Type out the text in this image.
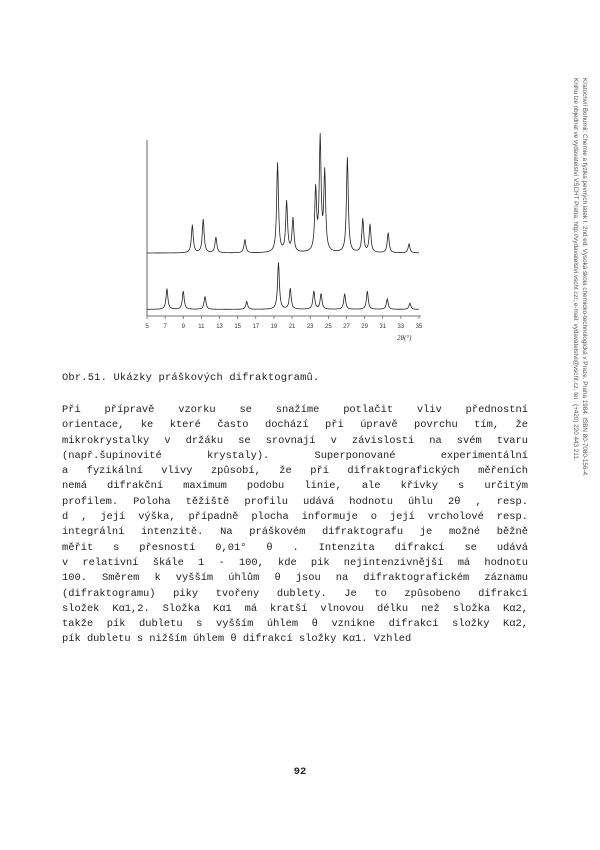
5 7 9 11 13 15 17 19 21 23 25 27 29 31 33 35
2θ(°)
Obr.51. Ukázky práškových difraktogramů.
Při přípravě vzorku se snažíme potlačit vliv přednostní
orientace, ke které často dochází při úpravě povrchu tím, že
mikrokrystalky v držáku se srovnají v závislosti na svém tvaru
(např.šupinovité krystaly). Superponované experimentální
a fyzikální vlivy způsobí, že při difraktografických měřeních
nemá difrakční maximum podobu linie, ale křivky s určitým
profilem. Poloha těžiště profilu udává hodnotu úhlu 2θ , resp.
d , její výška, případně plocha informuje o její vrcholové resp.
integrální intenzitě. Na práškovém difraktografu je možné běžně
měřit s přesností 0,01° θ . Intenzita difrakcí se udává
v relativní škále 1 - 100, kde pik nejintenzivnější má hodnotu
100. Směrem k vyšším úhlům θ jsou na difraktografickém záznamu
(difraktogramu) piky tvořeny dublety. Je to způsobeno difrakcí
složek Kα1,2. Složka Kα1 má kratší vlnovou délku než složka Kα2,
takže pík dubletu s vyšším úhlem θ vznikne difrakcí složky Kα2,
pík dubletu s nižším úhlem θ difrakcí složky Kα1. Vzhled
92
Kratochvíl Bohumil: Chemie a fyzika pevných látek I. 2nd ed. Vysoká škola chemicko-technologická v Praze, Praha 1984. ISBN 80-7080-156-4.
Knihu lze objednat ve vydavatelství VŠCHT Praha, http://vydavatelstvi.vscht.cz/, e-mail: vydavatelstvi@vscht.cz, tel.: (+420) 220 443 211.
